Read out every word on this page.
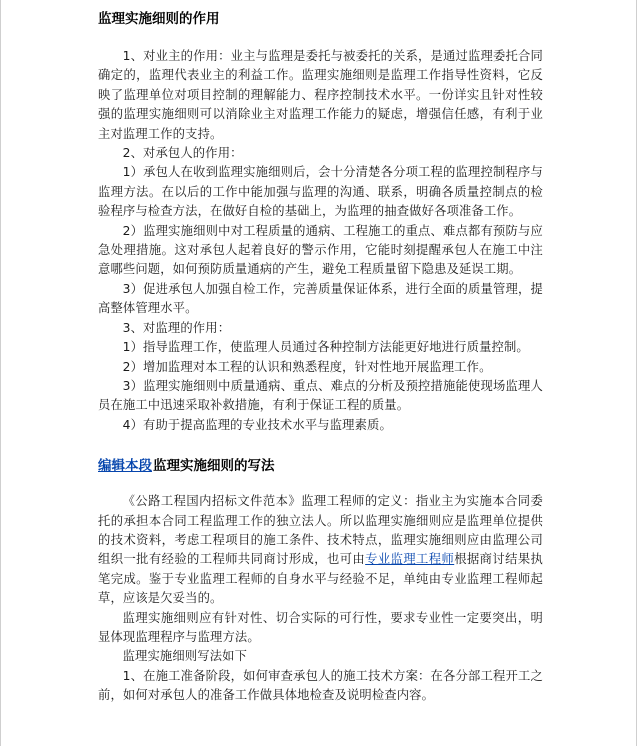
监理实施细则的作用

1、对业主的作用：业主与监理是委托与被委托的关系，是通过监理委托合同确定的，监理代表业主的利益工作。监理实施细则是监理工作指导性资料，它反映了监理单位对项目控制的理解能力、程序控制技术水平。一份详实且针对性较强的监理实施细则可以消除业主对监理工作能力的疑虑，增强信任感，有利于业主对监理工作的支持。

2、对承包人的作用：

1）承包人在收到监理实施细则后，会十分清楚各分项工程的监理控制程序与监理方法。在以后的工作中能加强与监理的沟通、联系，明确各质量控制点的检验程序与检查方法，在做好自检的基础上，为监理的抽查做好各项准备工作。

2）监理实施细则中对工程质量的通病、工程施工的重点、难点都有预防与应急处理措施。这对承包人起着良好的警示作用，它能时刻提醒承包人在施工中注意哪些问题，如何预防质量通病的产生，避免工程质量留下隐患及延误工期。

3）促进承包人加强自检工作，完善质量保证体系，进行全面的质量管理，提高整体管理水平。

3、对监理的作用：

1）指导监理工作，使监理人员通过各种控制方法能更好地进行质量控制。

2）增加监理对本工程的认识和熟悉程度，针对性地开展监理工作。

3）监理实施细则中质量通病、重点、难点的分析及预控措施能使现场监理人员在施工中迅速采取补救措施，有利于保证工程的质量。

4）有助于提高监理的专业技术水平与监理素质。

编辑本段监理实施细则的写法

《公路工程国内招标文件范本》监理工程师的定义：指业主为实施本合同委托的承担本合同工程监理工作的独立法人。所以监理实施细则应是监理单位提供的技术资料，考虑工程项目的施工条件、技术特点，监理实施细则应由监理公司组织一批有经验的工程师共同商讨形成，也可由专业监理工程师根据商讨结果执笔完成。鉴于专业监理工程师的自身水平与经验不足，单纯由专业监理工程师起草，应该是欠妥当的。

监理实施细则应有针对性、切合实际的可行性，要求专业性一定要突出，明显体现监理程序与监理方法。

监理实施细则写法如下

1、在施工准备阶段，如何审查承包人的施工技术方案：在各分部工程开工之前，如何对承包人的准备工作做具体地检查及说明检查内容。
